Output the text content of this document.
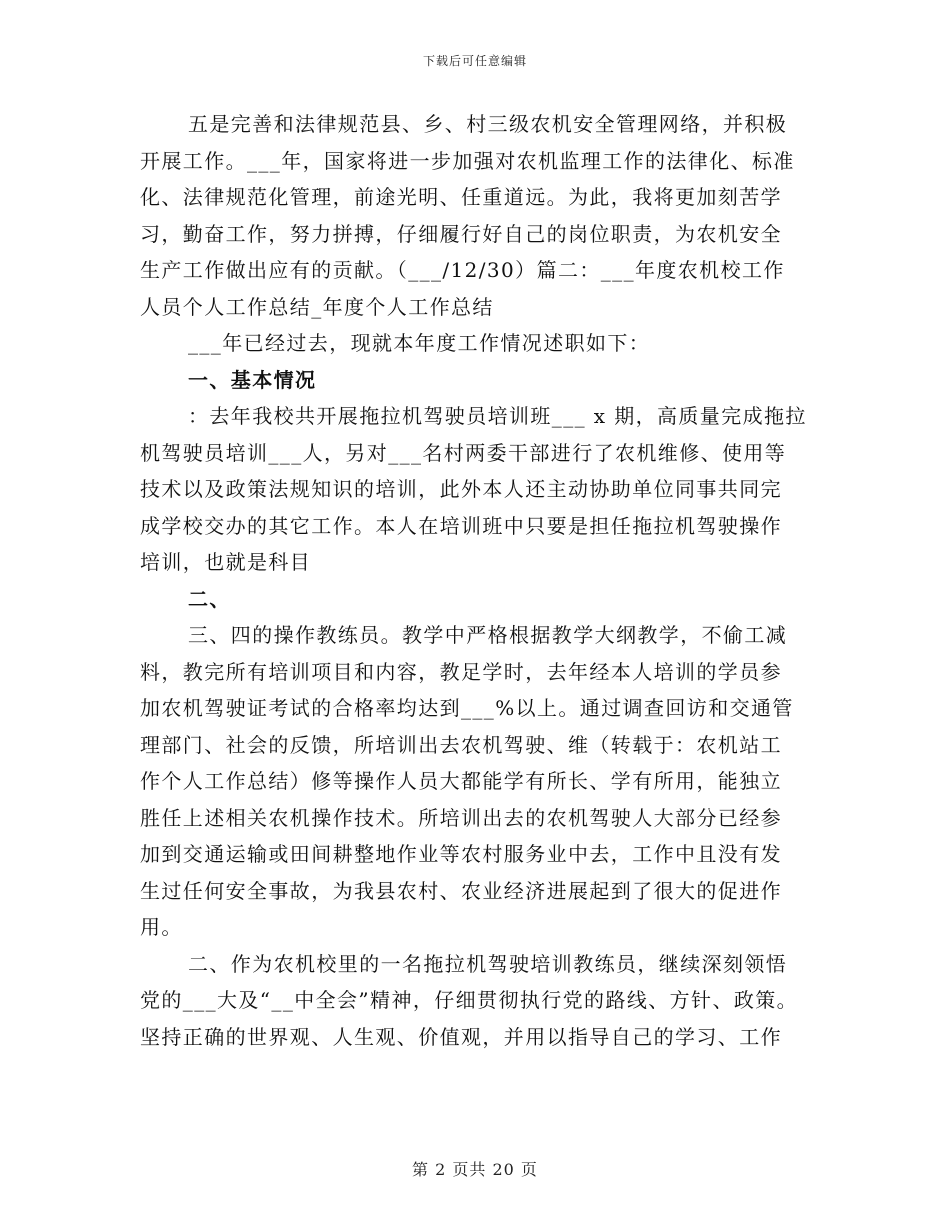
下载后可任意编辑
五是完善和法律规范县、乡、村三级农机安全管理网络，并积极
开展工作。___年，国家将进一步加强对农机监理工作的法律化、标准
化、法律规范化管理，前途光明、任重道远。为此，我将更加刻苦学
习，勤奋工作，努力拼搏，仔细履行好自己的岗位职责，为农机安全
生产工作做出应有的贡献。（___/12/30）篇二：___年度农机校工作
人员个人工作总结_年度个人工作总结
___年已经过去，现就本年度工作情况述职如下：
一、基本情况
：去年我校共开展拖拉机驾驶员培训班___ x 期，高质量完成拖拉
机驾驶员培训___人，另对___名村两委干部进行了农机维修、使用等
技术以及政策法规知识的培训，此外本人还主动协助单位同事共同完
成学校交办的其它工作。本人在培训班中只要是担任拖拉机驾驶操作
培训，也就是科目
二、
三、四的操作教练员。教学中严格根据教学大纲教学，不偷工减
料，教完所有培训项目和内容，教足学时，去年经本人培训的学员参
加农机驾驶证考试的合格率均达到___%以上。通过调查回访和交通管
理部门、社会的反馈，所培训出去农机驾驶、维（转载于：农机站工
作个人工作总结）修等操作人员大都能学有所长、学有所用，能独立
胜任上述相关农机操作技术。所培训出去的农机驾驶人大部分已经参
加到交通运输或田间耕整地作业等农村服务业中去，工作中且没有发
生过任何安全事故，为我县农村、农业经济进展起到了很大的促进作
用。
二、作为农机校里的一名拖拉机驾驶培训教练员，继续深刻领悟
党的___大及“__中全会”精神，仔细贯彻执行党的路线、方针、政策。
坚持正确的世界观、人生观、价值观，并用以指导自己的学习、工作
第 2 页共 20 页
